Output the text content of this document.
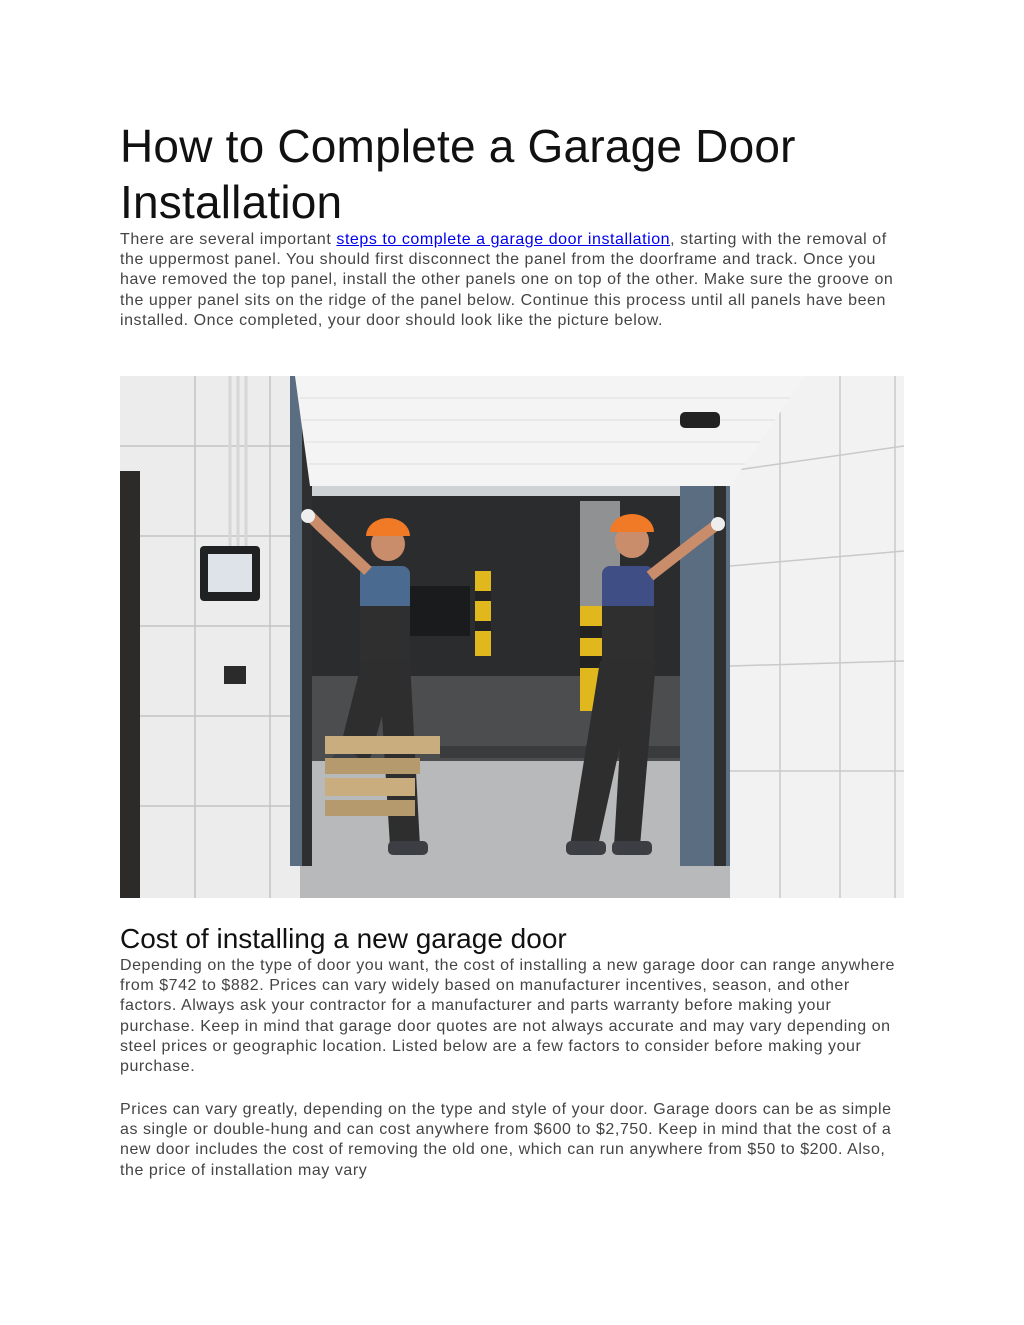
How to Complete a Garage Door Installation

There are several important steps to complete a garage door installation, starting with the removal of the uppermost panel. You should first disconnect the panel from the doorframe and track. Once you have removed the top panel, install the other panels one on top of the other. Make sure the groove on the upper panel sits on the ridge of the panel below. Continue this process until all panels have been installed. Once completed, your door should look like the picture below.

Cost of installing a new garage door

Depending on the type of door you want, the cost of installing a new garage door can range anywhere from $742 to $882. Prices can vary widely based on manufacturer incentives, season, and other factors. Always ask your contractor for a manufacturer and parts warranty before making your purchase. Keep in mind that garage door quotes are not always accurate and may vary depending on steel prices or geographic location. Listed below are a few factors to consider before making your purchase.

Prices can vary greatly, depending on the type and style of your door. Garage doors can be as simple as single or double-hung and can cost anywhere from $600 to $2,750. Keep in mind that the cost of a new door includes the cost of removing the old one, which can run anywhere from $50 to $200. Also, the price of installation may vary
